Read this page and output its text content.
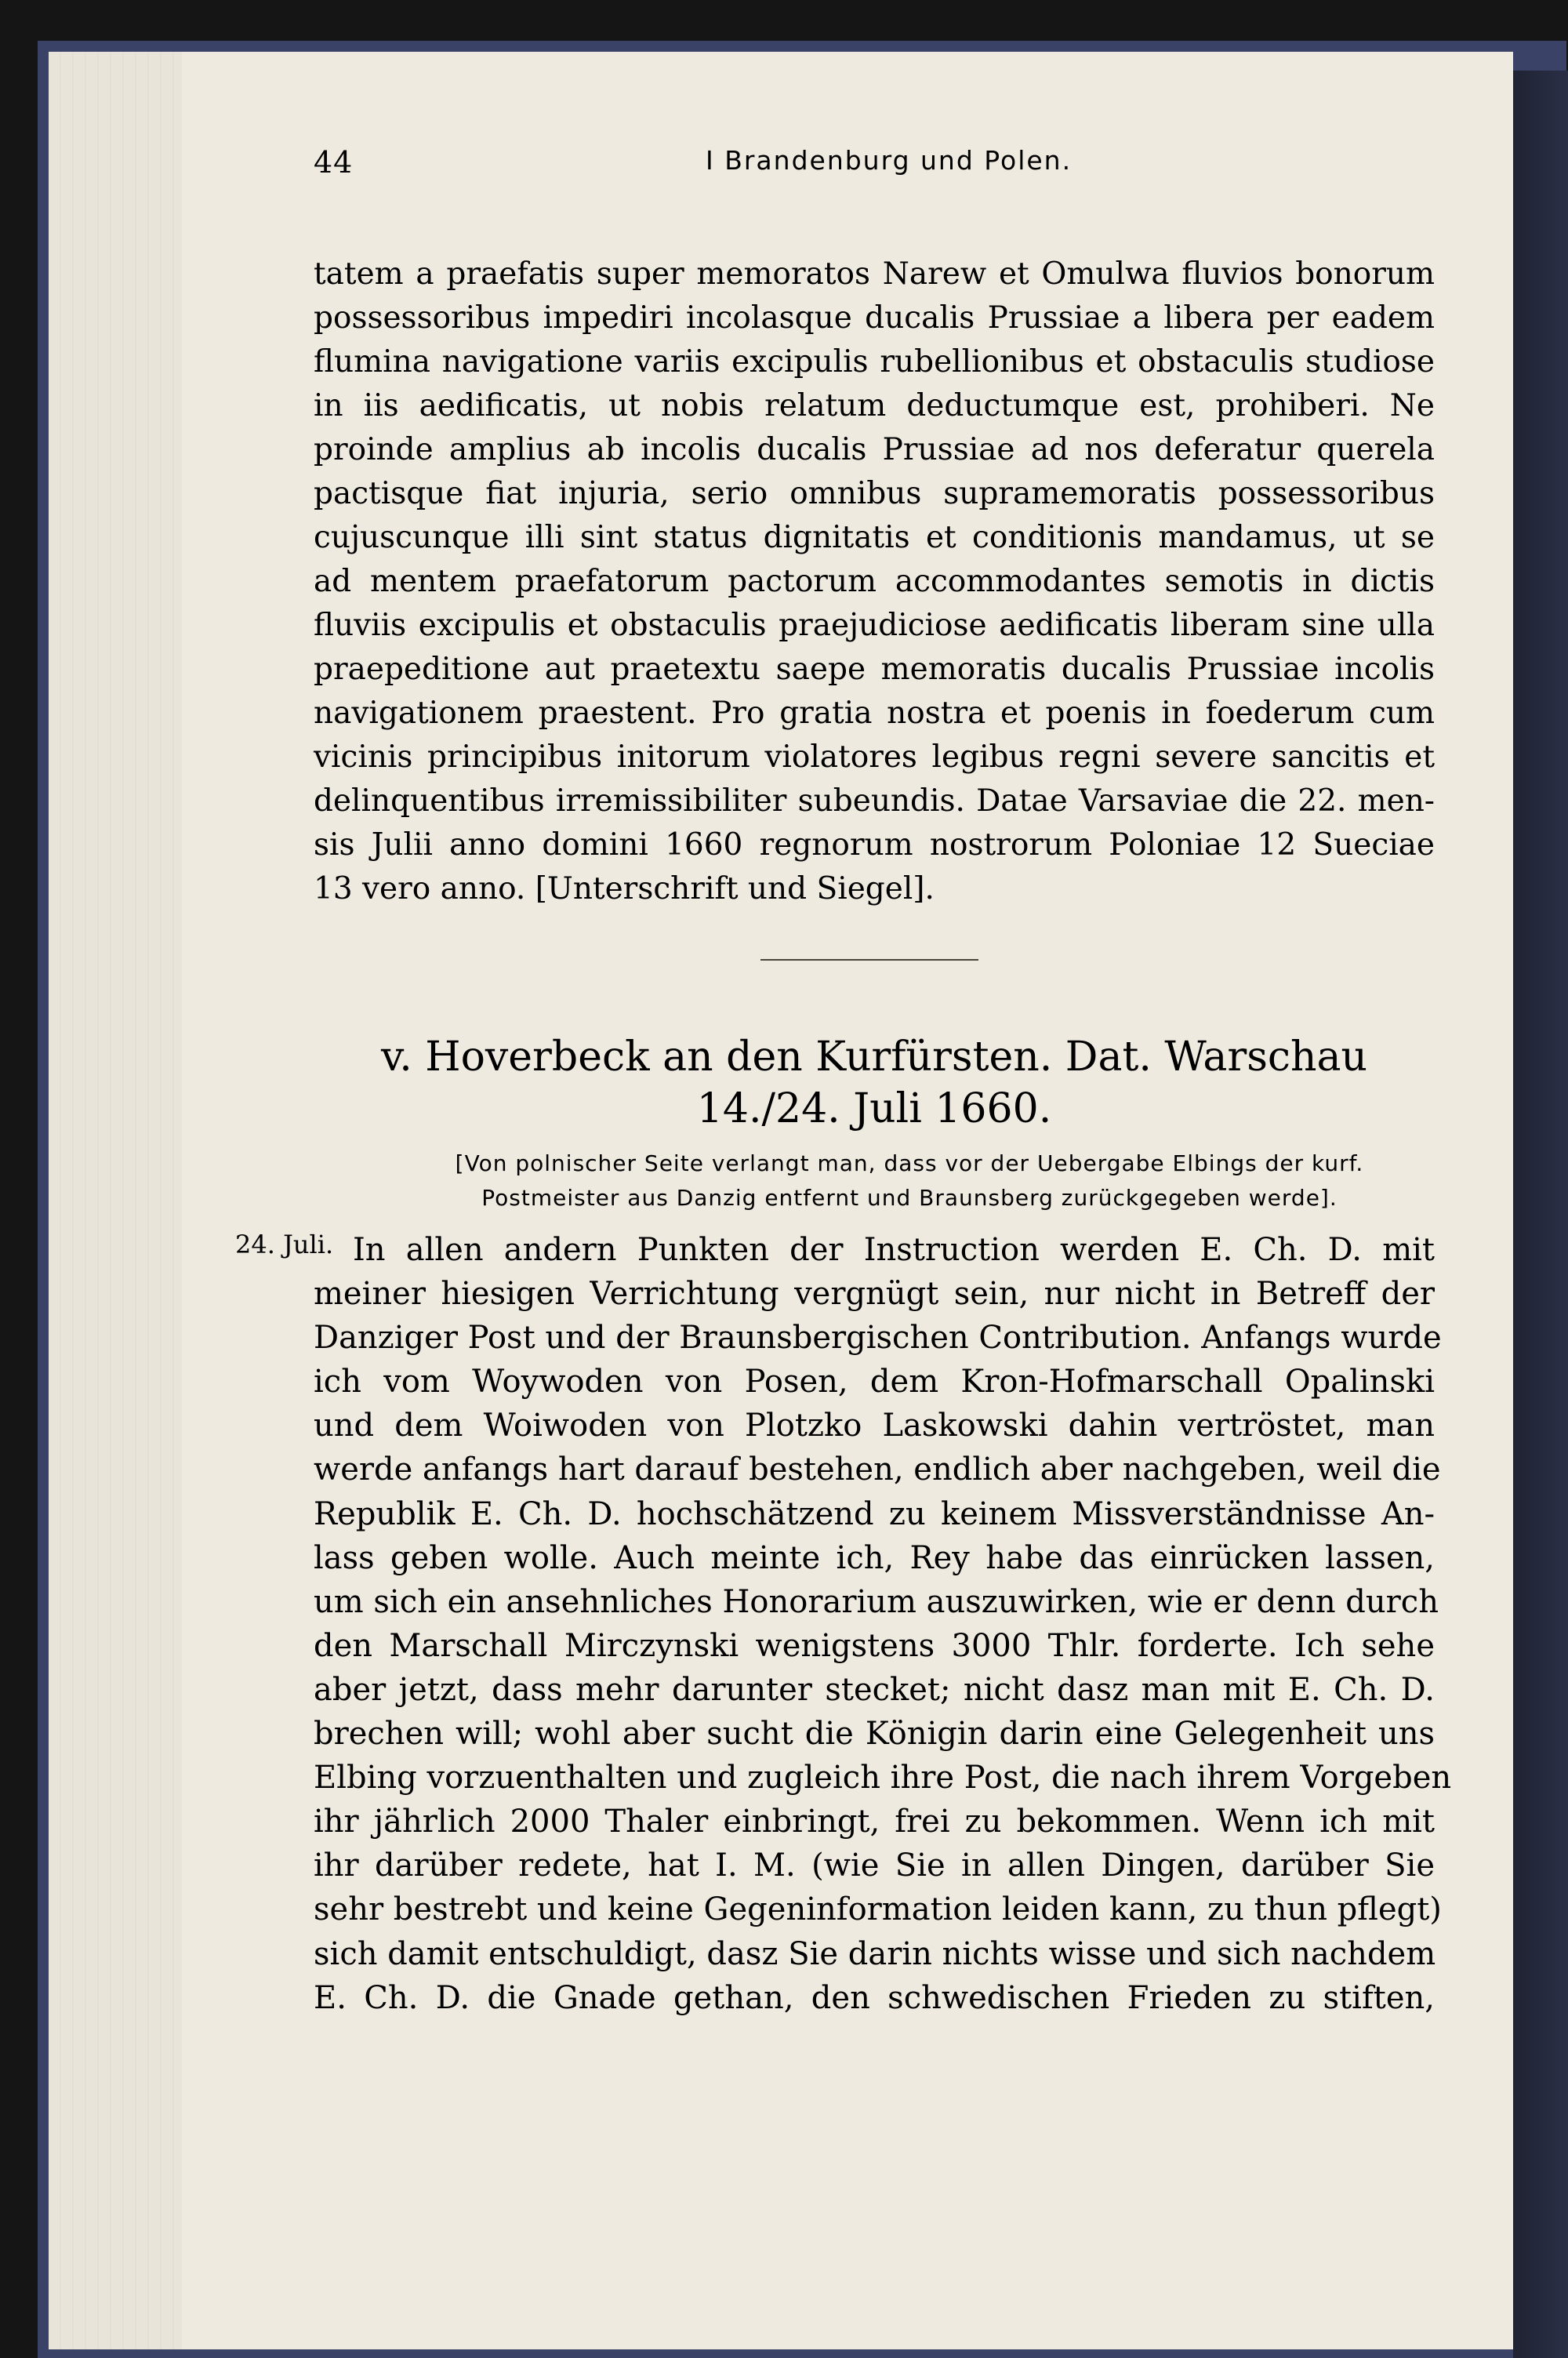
44	I Brandenburg und Polen.
tatem a praefatis super memoratos Narew et Omulwa fluvios bonorum
possessoribus impediri incolasque ducalis Prussiae a libera per eadem
flumina navigatione variis excipulis rubellionibus et obstaculis studiose
in iis aedificatis, ut nobis relatum deductumque est, prohiberi. Ne
proinde amplius ab incolis ducalis Prussiae ad nos deferatur querela
pactisque fiat injuria, serio omnibus supramemoratis possessoribus
cujuscunque illi sint status dignitatis et conditionis mandamus, ut se
ad mentem praefatorum pactorum accommodantes semotis in dictis
fluviis excipulis et obstaculis praejudiciose aedificatis liberam sine ulla
praepeditione aut praetextu saepe memoratis ducalis Prussiae incolis
navigationem praestent. Pro gratia nostra et poenis in foederum cum
vicinis principibus initorum violatores legibus regni severe sancitis et
delinquentibus irremissibiliter subeundis. Datae Varsaviae die 22. men-
sis Julii anno domini 1660 regnorum nostrorum Poloniae 12 Sueciae
13 vero anno. [Unterschrift und Siegel].
v. Hoverbeck an den Kurfürsten. Dat. Warschau
14./24. Juli 1660.
[Von polnischer Seite verlangt man, dass vor der Uebergabe Elbings der kurf.
Postmeister aus Danzig entfernt und Braunsberg zurückgegeben werde].
24. Juli. In allen andern Punkten der Instruction werden E. Ch. D. mit
meiner hiesigen Verrichtung vergnügt sein, nur nicht in Betreff der
Danziger Post und der Braunsbergischen Contribution. Anfangs wurde
ich vom Woywoden von Posen, dem Kron-Hofmarschall Opalinski
und dem Woiwoden von Plotzko Laskowski dahin vertröstet, man
werde anfangs hart darauf bestehen, endlich aber nachgeben, weil die
Republik E. Ch. D. hochschätzend zu keinem Missverständnisse An-
lass geben wolle. Auch meinte ich, Rey habe das einrücken lassen,
um sich ein ansehnliches Honorarium auszuwirken, wie er denn durch
den Marschall Mirczynski wenigstens 3000 Thlr. forderte. Ich sehe
aber jetzt, dass mehr darunter stecket; nicht dasz man mit E. Ch. D.
brechen will; wohl aber sucht die Königin darin eine Gelegenheit uns
Elbing vorzuenthalten und zugleich ihre Post, die nach ihrem Vorgeben
ihr jährlich 2000 Thaler einbringt, frei zu bekommen. Wenn ich mit
ihr darüber redete, hat I. M. (wie Sie in allen Dingen, darüber Sie
sehr bestrebt und keine Gegeninformation leiden kann, zu thun pflegt)
sich damit entschuldigt, dasz Sie darin nichts wisse und sich nachdem
E. Ch. D. die Gnade gethan, den schwedischen Frieden zu stiften,
